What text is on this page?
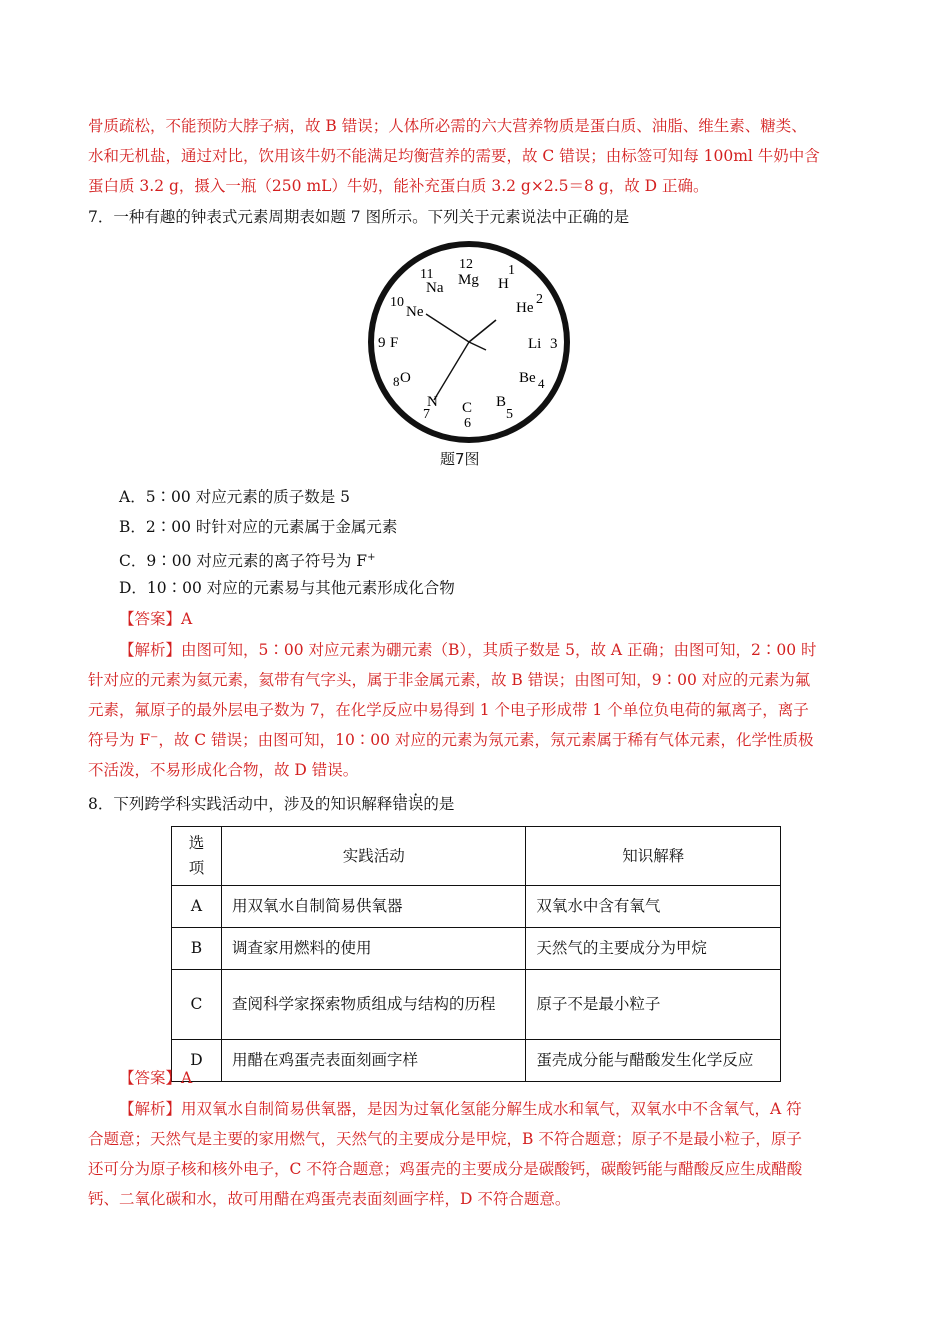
骨质疏松，不能预防大脖子病，故 B 错误；人体所必需的六大营养物质是蛋白质、油脂、维生素、糖类、
水和无机盐，通过对比，饮用该牛奶不能满足均衡营养的需要，故 C 错误；由标签可知每 100ml 牛奶中含
蛋白质 3.2 g，摄入一瓶（250 mL）牛奶，能补充蛋白质 3.2 g×2.5＝8 g，故 D 正确。
7．一种有趣的钟表式元素周期表如题 7 图所示。下列关于元素说法中正确的是
12
Mg
11
Na
1
H
He
2
10
Ne
Li 3
9 F
Be 4
8 O
N
7 C
6
B
5
题7图
A．5∶00 对应元素的质子数是 5
B．2∶00 时针对应的元素属于金属元素
C．9∶00 对应元素的离子符号为 F+
D．10∶00 对应的元素易与其他元素形成化合物
【答案】A
【解析】由图可知，5∶00 对应元素为硼元素（B），其质子数是 5，故 A 正确；由图可知，2∶00 时
针对应的元素为氦元素，氦带有气字头，属于非金属元素，故 B 错误；由图可知，9∶00 对应的元素为氟
元素，氟原子的最外层电子数为 7，在化学反应中易得到 1 个电子形成带 1 个单位负电荷的氟离子，离子
符号为 F⁻，故 C 错误；由图可知，10∶00 对应的元素为氖元素，氖元素属于稀有气体元素，化学性质极
不活泼，不易形成化合物，故 D 错误。
8．下列跨学科实践活动中，涉及的知识解释错误的是
选项	实践活动	知识解释
A	用双氧水自制简易供氧器	双氧水中含有氧气
B	调查家用燃料的使用	天然气的主要成分为甲烷
C	查阅科学家探索物质组成与结构的历程	原子不是最小粒子
D	用醋在鸡蛋壳表面刻画字样	蛋壳成分能与醋酸发生化学反应
【答案】A
【解析】用双氧水自制简易供氧器，是因为过氧化氢能分解生成水和氧气，双氧水中不含氧气，A 符
合题意；天然气是主要的家用燃气，天然气的主要成分是甲烷，B 不符合题意；原子不是最小粒子，原子
还可分为原子核和核外电子，C 不符合题意；鸡蛋壳的主要成分是碳酸钙，碳酸钙能与醋酸反应生成醋酸
钙、二氧化碳和水，故可用醋在鸡蛋壳表面刻画字样，D 不符合题意。
